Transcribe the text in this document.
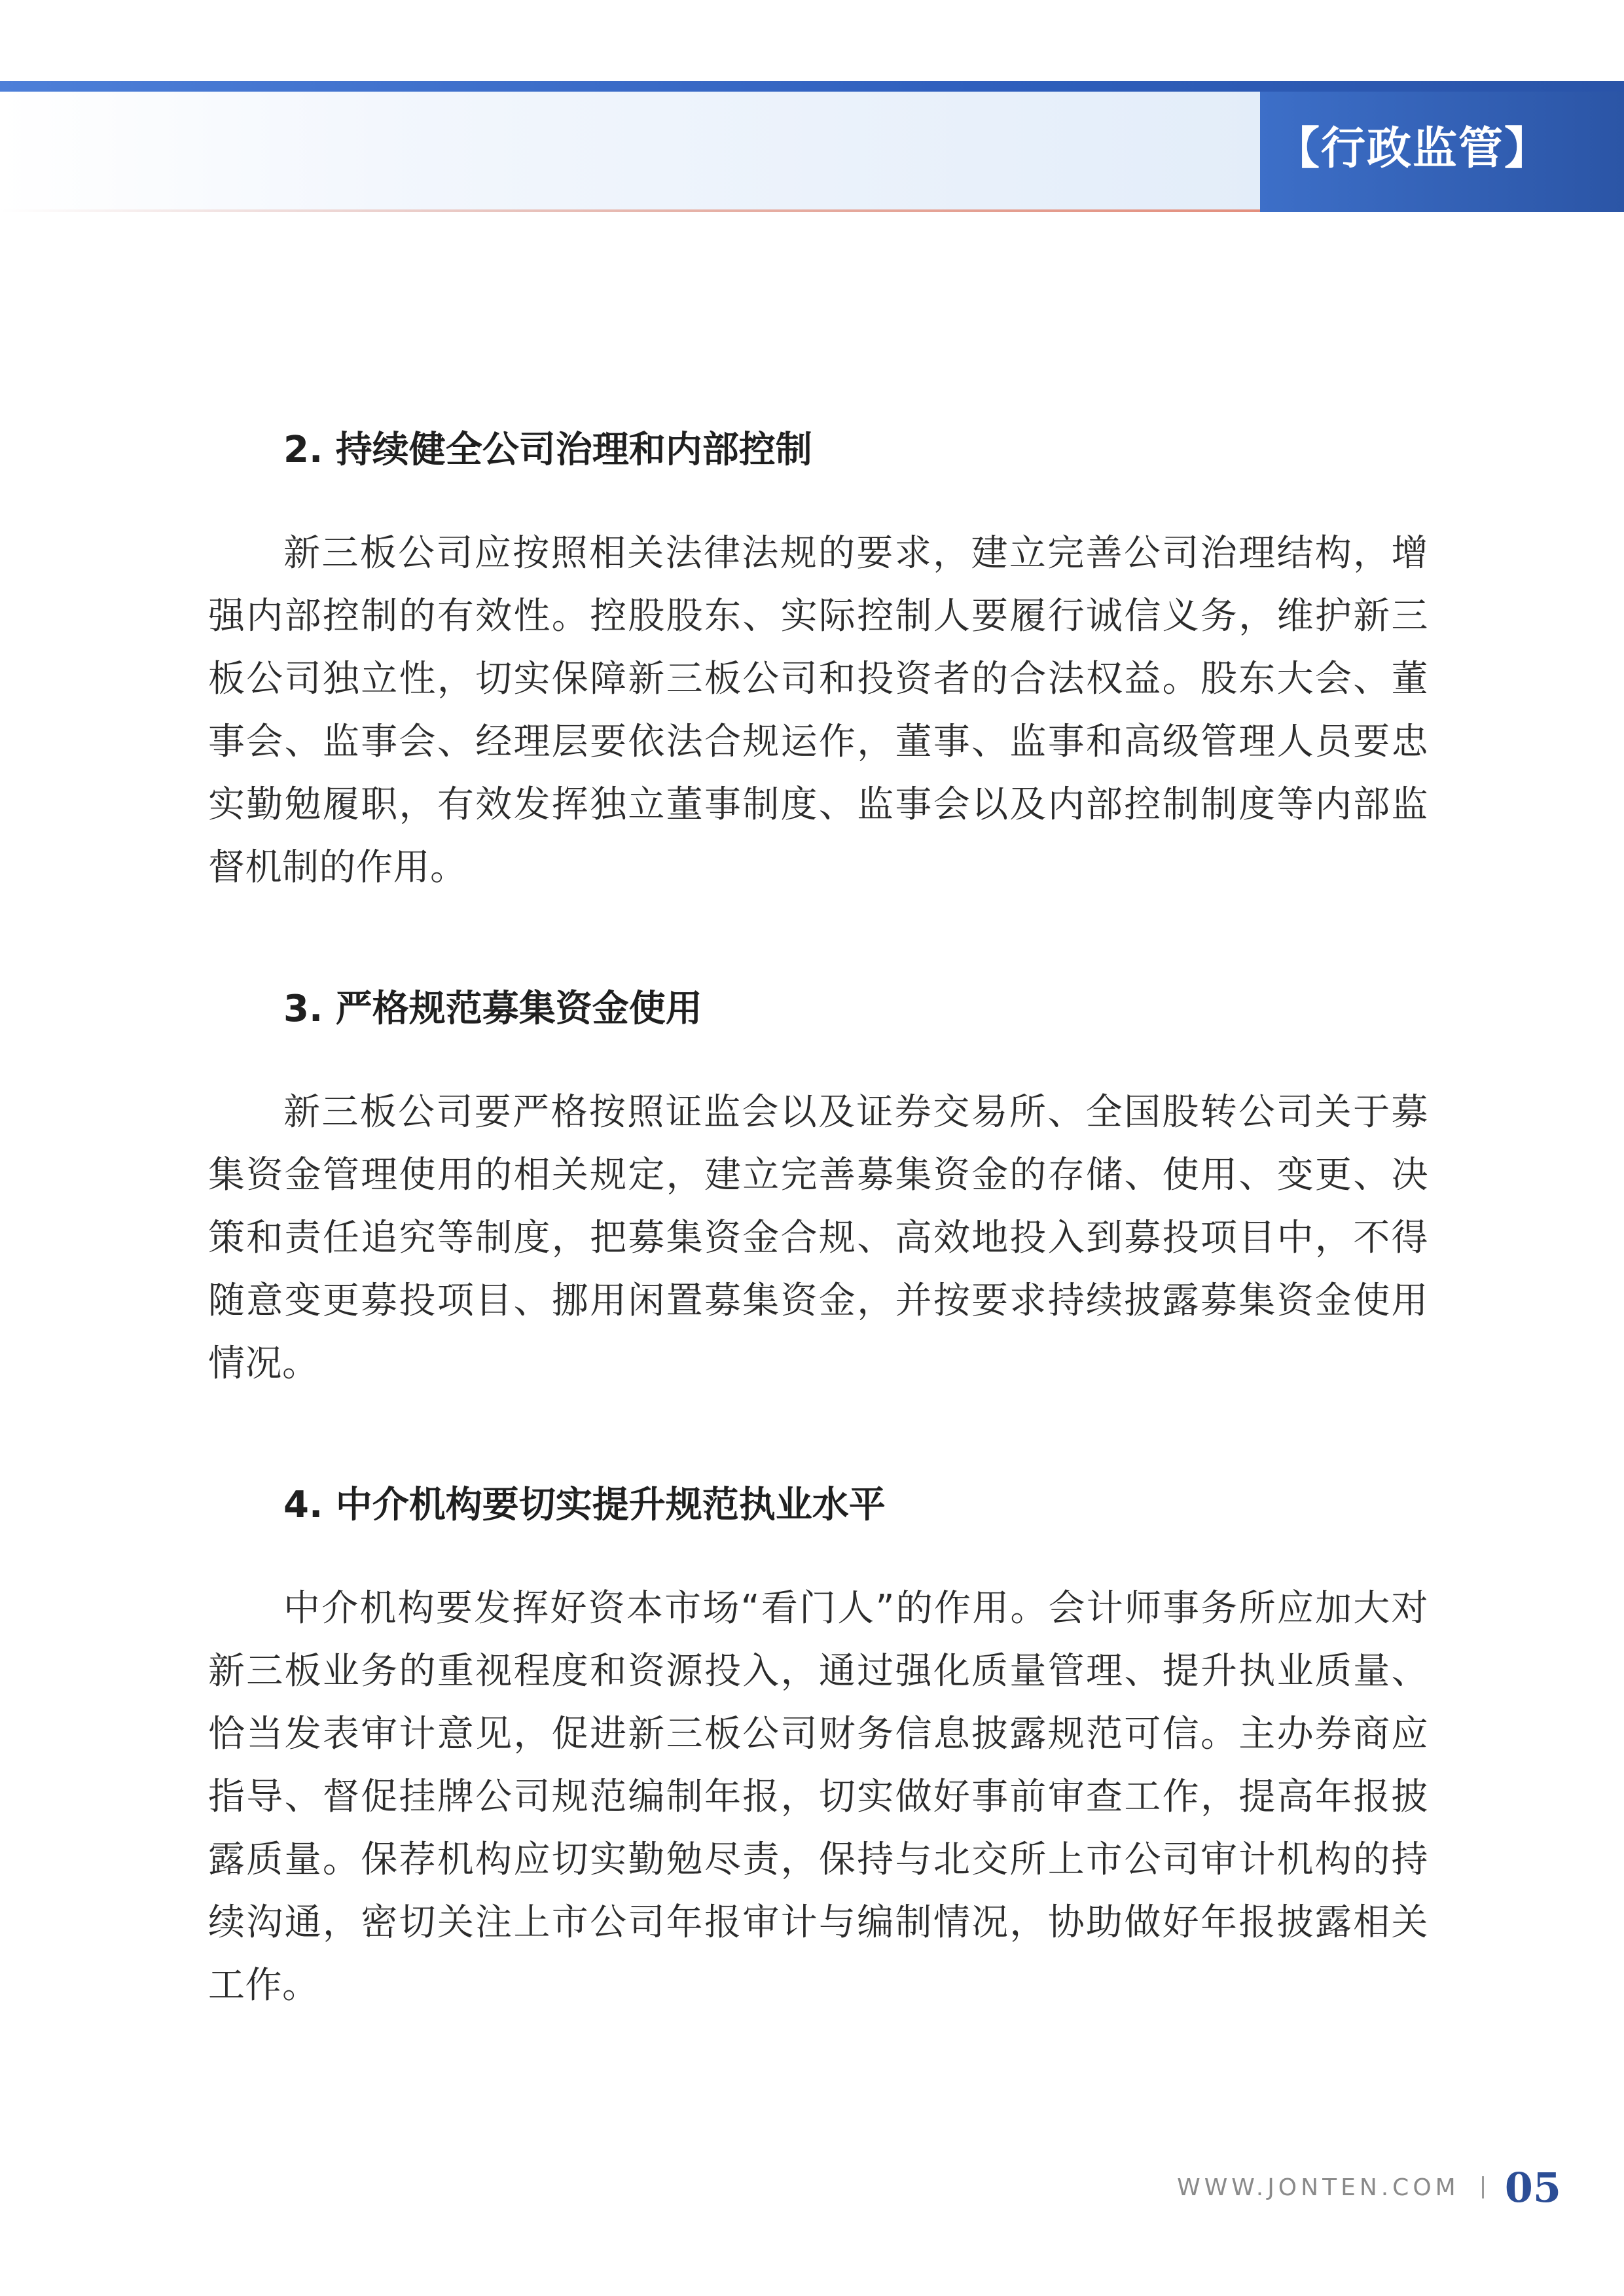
【行政监管】
2. 持续健全公司治理和内部控制

新三板公司应按照相关法律法规的要求，建立完善公司治理结构，增强内部控制的有效性。控股股东、实际控制人要履行诚信义务，维护新三板公司独立性，切实保障新三板公司和投资者的合法权益。股东大会、董事会、监事会、经理层要依法合规运作，董事、监事和高级管理人员要忠实勤勉履职，有效发挥独立董事制度、监事会以及内部控制制度等内部监督机制的作用。

3. 严格规范募集资金使用

新三板公司要严格按照证监会以及证券交易所、全国股转公司关于募集资金管理使用的相关规定，建立完善募集资金的存储、使用、变更、决策和责任追究等制度，把募集资金合规、高效地投入到募投项目中，不得随意变更募投项目、挪用闲置募集资金，并按要求持续披露募集资金使用情况。

4. 中介机构要切实提升规范执业水平

中介机构要发挥好资本市场“看门人”的作用。会计师事务所应加大对新三板业务的重视程度和资源投入，通过强化质量管理、提升执业质量、恰当发表审计意见，促进新三板公司财务信息披露规范可信。主办券商应指导、督促挂牌公司规范编制年报，切实做好事前审查工作，提高年报披露质量。保荐机构应切实勤勉尽责，保持与北交所上市公司审计机构的持续沟通，密切关注上市公司年报审计与编制情况，协助做好年报披露相关工作。

WWW.JONTEN.COM 05
